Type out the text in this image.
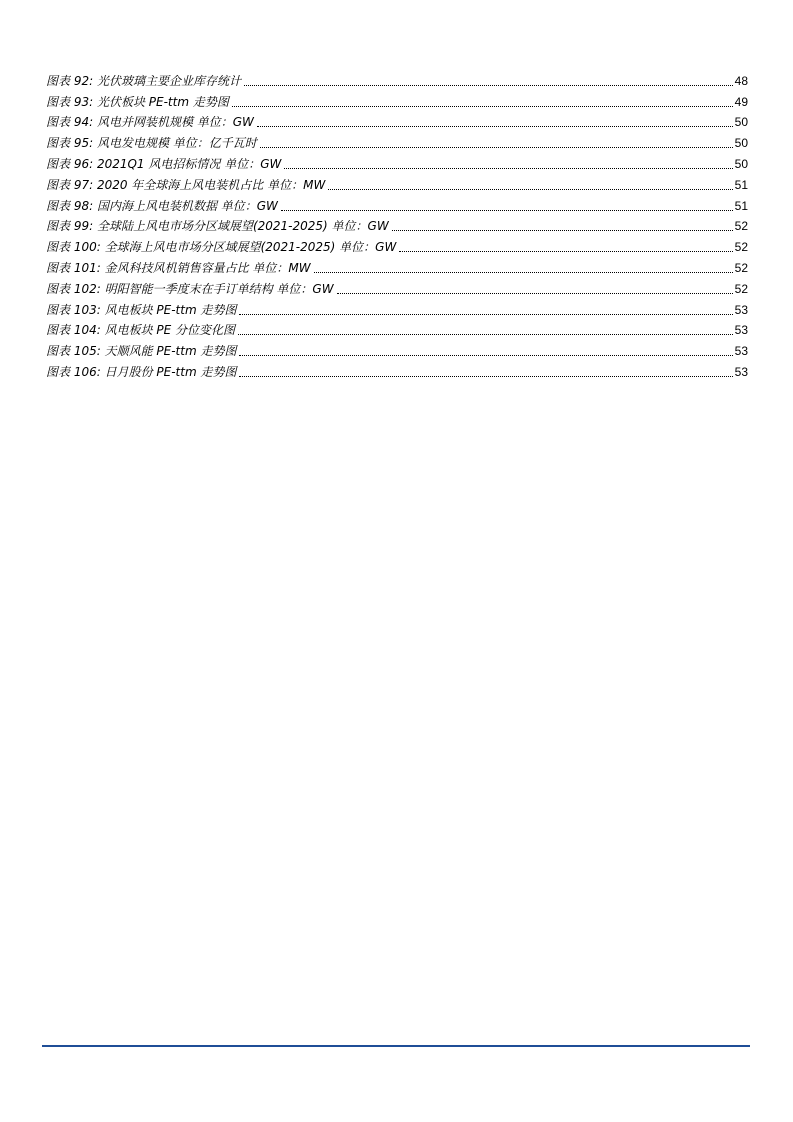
图表 92: 光伏玻璃主要企业库存统计	48
图表 93: 光伏板块 PE-ttm 走势图	49
图表 94: 风电并网装机规模 单位：GW	50
图表 95: 风电发电规模 单位：亿千瓦时	50
图表 96: 2021Q1 风电招标情况 单位：GW	50
图表 97: 2020 年全球海上风电装机占比 单位：MW	51
图表 98: 国内海上风电装机数据 单位：GW	51
图表 99: 全球陆上风电市场分区域展望(2021-2025) 单位：GW	52
图表 100: 全球海上风电市场分区域展望(2021-2025) 单位：GW	52
图表 101: 金风科技风机销售容量占比 单位：MW	52
图表 102: 明阳智能一季度末在手订单结构 单位：GW	52
图表 103: 风电板块 PE-ttm 走势图	53
图表 104: 风电板块 PE 分位变化图	53
图表 105: 天顺风能 PE-ttm 走势图	53
图表 106: 日月股份 PE-ttm 走势图	53
